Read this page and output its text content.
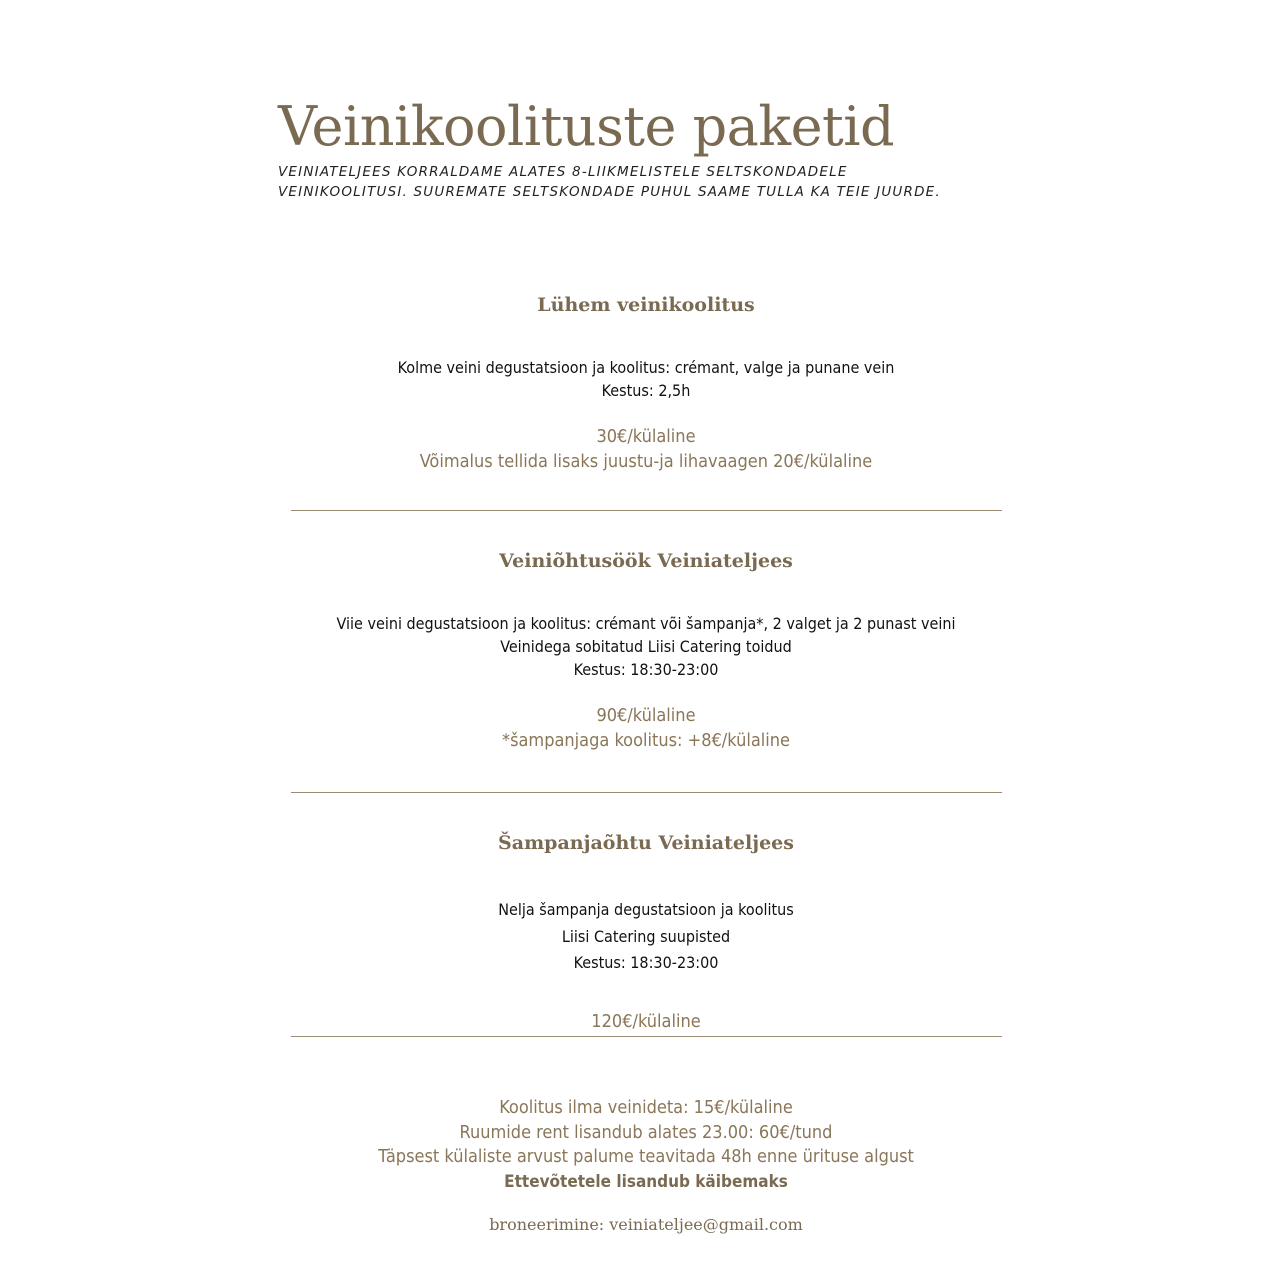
Veinikoolituste paketid
VEINIATELJEES KORRALDAME ALATES 8-LIIKMELISTELE SELTSKONDADELE
VEINIKOOLITUSI. SUUREMATE SELTSKONDADE PUHUL SAAME TULLA KA TEIE JUURDE.
Lühem veinikoolitus
Kolme veini degustatsioon ja koolitus: crémant, valge ja punane vein
Kestus: 2,5h
30€/külaline
Võimalus tellida lisaks juustu-ja lihavaagen 20€/külaline
Veiniõhtusöök Veiniateljees
Viie veini degustatsioon ja koolitus: crémant või šampanja*, 2 valget ja 2 punast veini
Veinidega sobitatud Liisi Catering toidud
Kestus: 18:30-23:00
90€/külaline
*šampanjaga koolitus: +8€/külaline
Šampanjaõhtu Veiniateljees
Nelja šampanja degustatsioon ja koolitus
Liisi Catering suupisted
Kestus: 18:30-23:00
120€/külaline
Koolitus ilma veinideta: 15€/külaline
Ruumide rent lisandub alates 23.00: 60€/tund
Täpsest külaliste arvust palume teavitada 48h enne ürituse algust
Ettevõtetele lisandub käibemaks
broneerimine: veiniateljee@gmail.com
